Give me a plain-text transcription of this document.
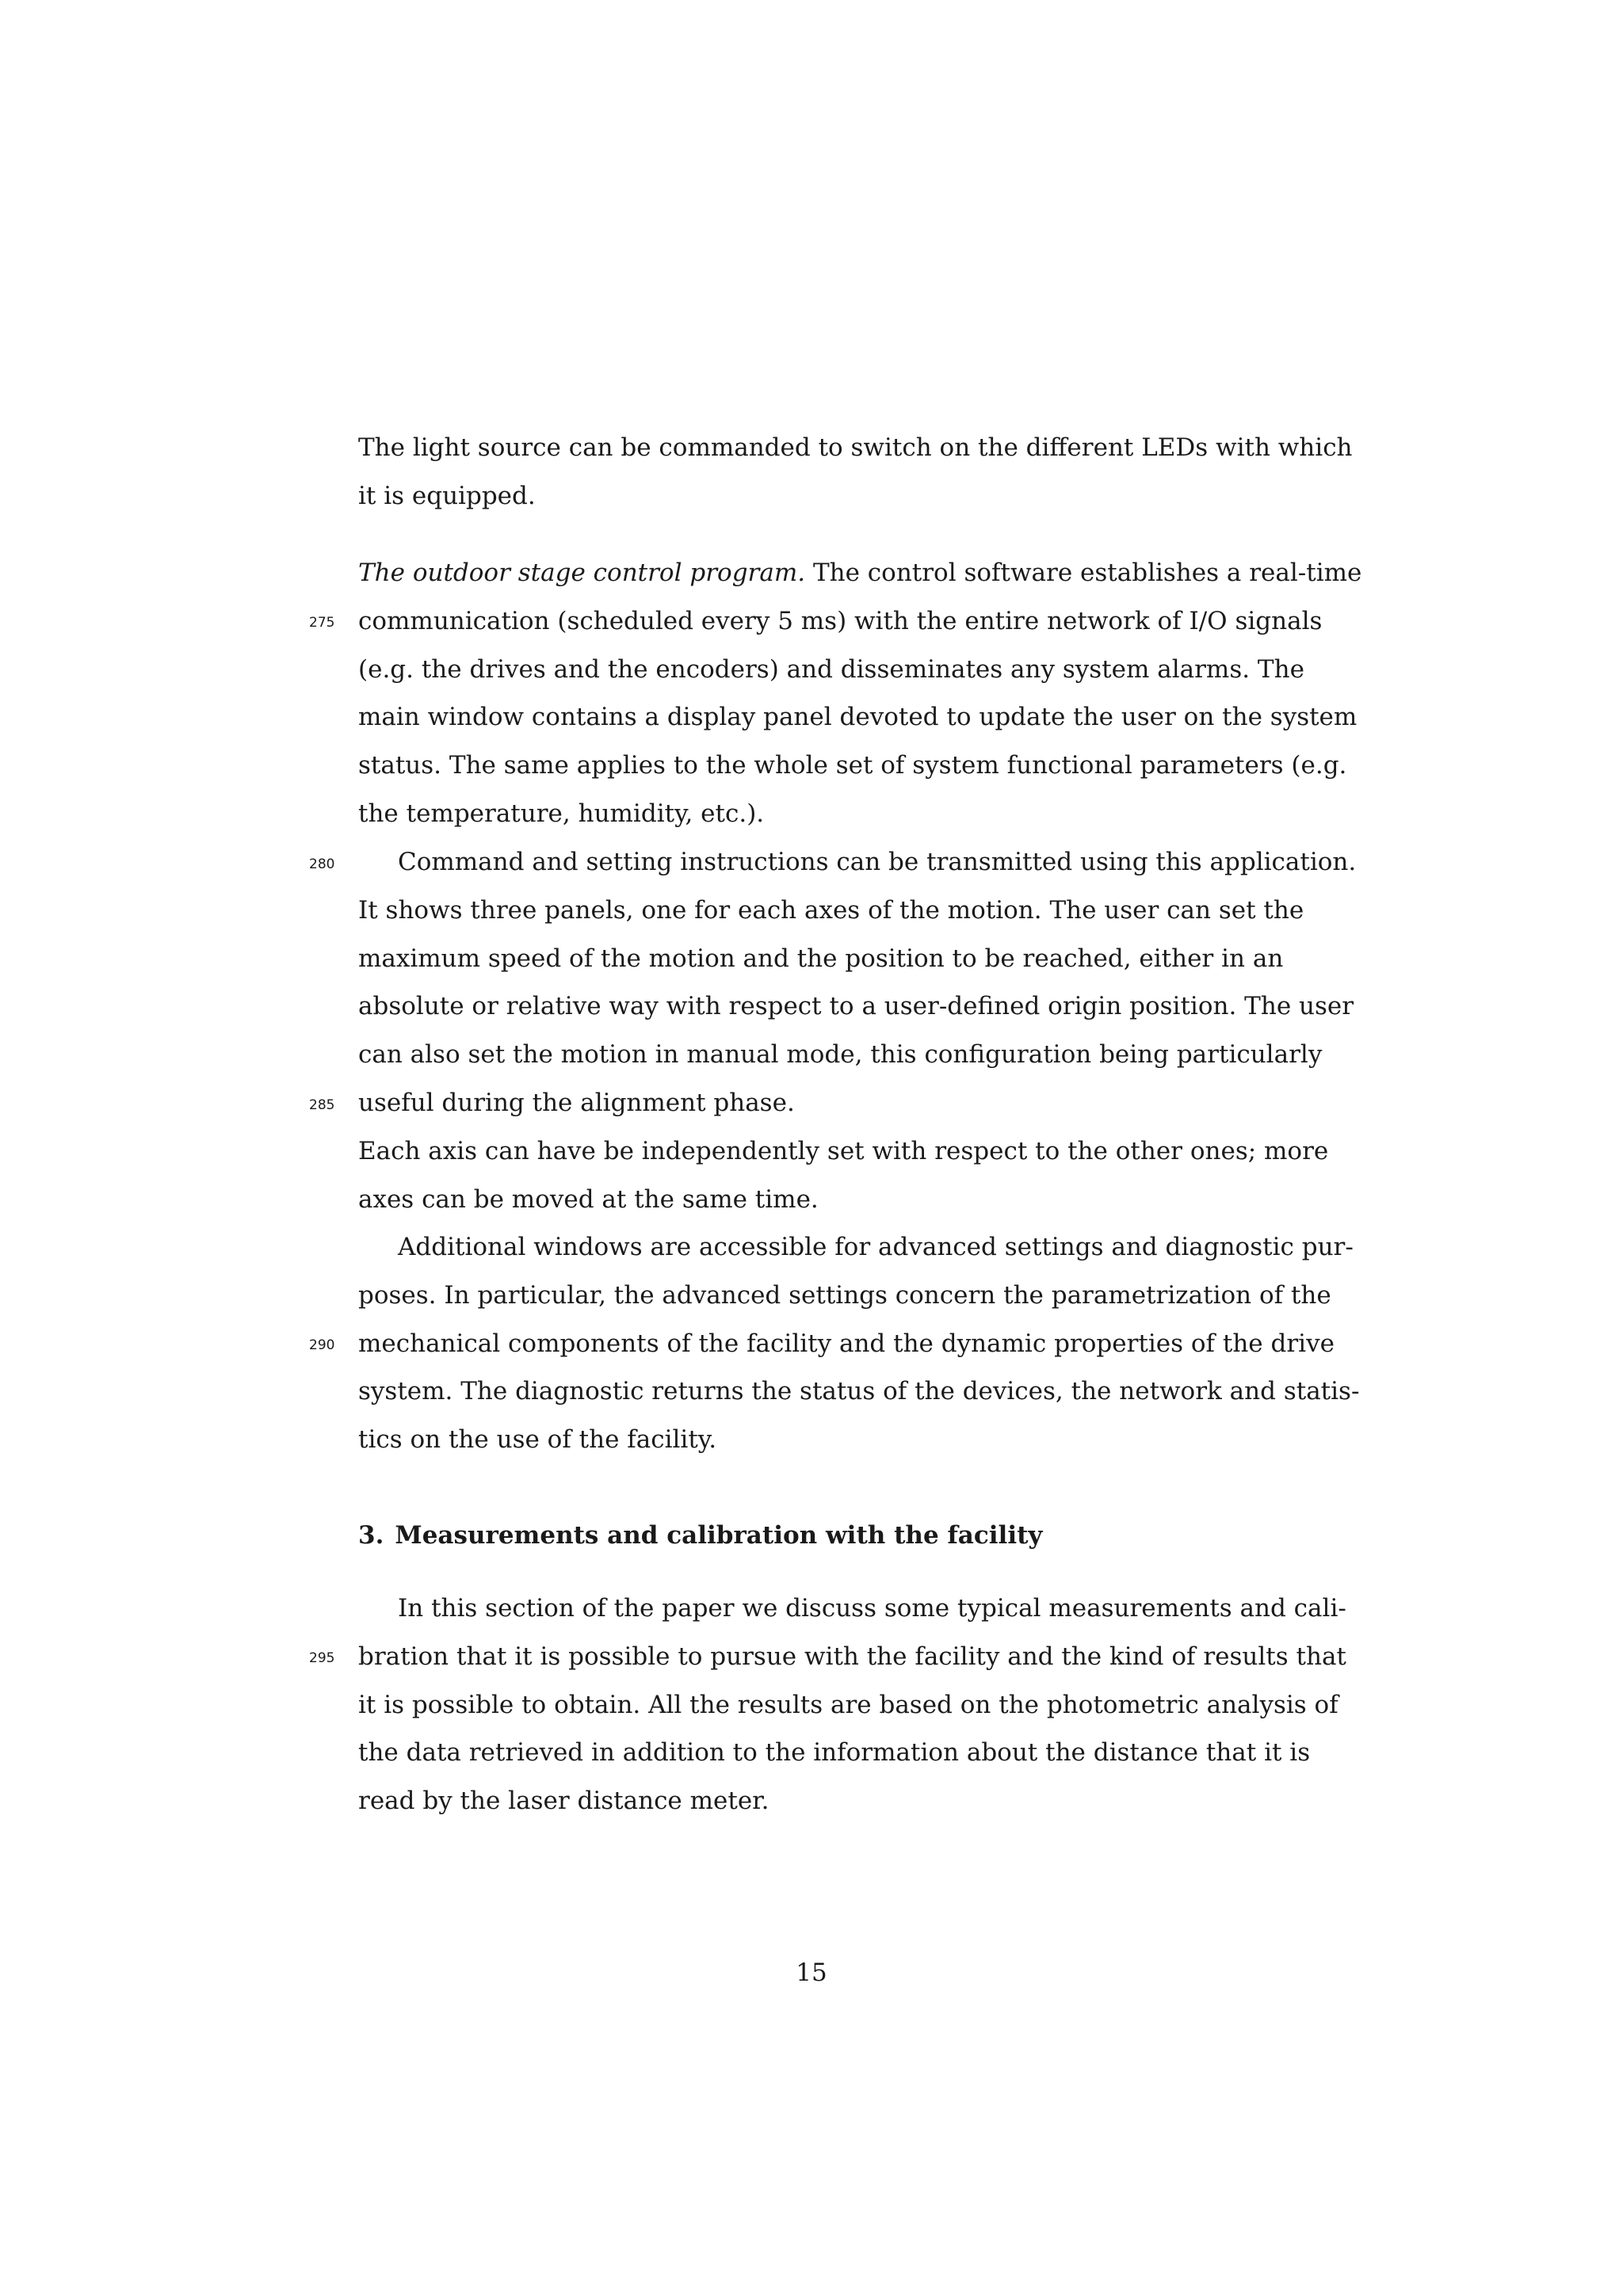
The light source can be commanded to switch on the different LEDs with which
it is equipped.
The outdoor stage control program. The control software establishes a real-time
communication (scheduled every 5 ms) with the entire network of I/O signals
(e.g. the drives and the encoders) and disseminates any system alarms. The
main window contains a display panel devoted to update the user on the system
status. The same applies to the whole set of system functional parameters (e.g.
the temperature, humidity, etc.).
Command and setting instructions can be transmitted using this application.
It shows three panels, one for each axes of the motion. The user can set the
maximum speed of the motion and the position to be reached, either in an
absolute or relative way with respect to a user-defined origin position. The user
can also set the motion in manual mode, this configuration being particularly
useful during the alignment phase.
Each axis can have be independently set with respect to the other ones; more
axes can be moved at the same time.
Additional windows are accessible for advanced settings and diagnostic pur-
poses. In particular, the advanced settings concern the parametrization of the
mechanical components of the facility and the dynamic properties of the drive
system. The diagnostic returns the status of the devices, the network and statis-
tics on the use of the facility.
3. Measurements and calibration with the facility
In this section of the paper we discuss some typical measurements and cali-
bration that it is possible to pursue with the facility and the kind of results that
it is possible to obtain. All the results are based on the photometric analysis of
the data retrieved in addition to the information about the distance that it is
read by the laser distance meter.
275
280
285
290
295
15
